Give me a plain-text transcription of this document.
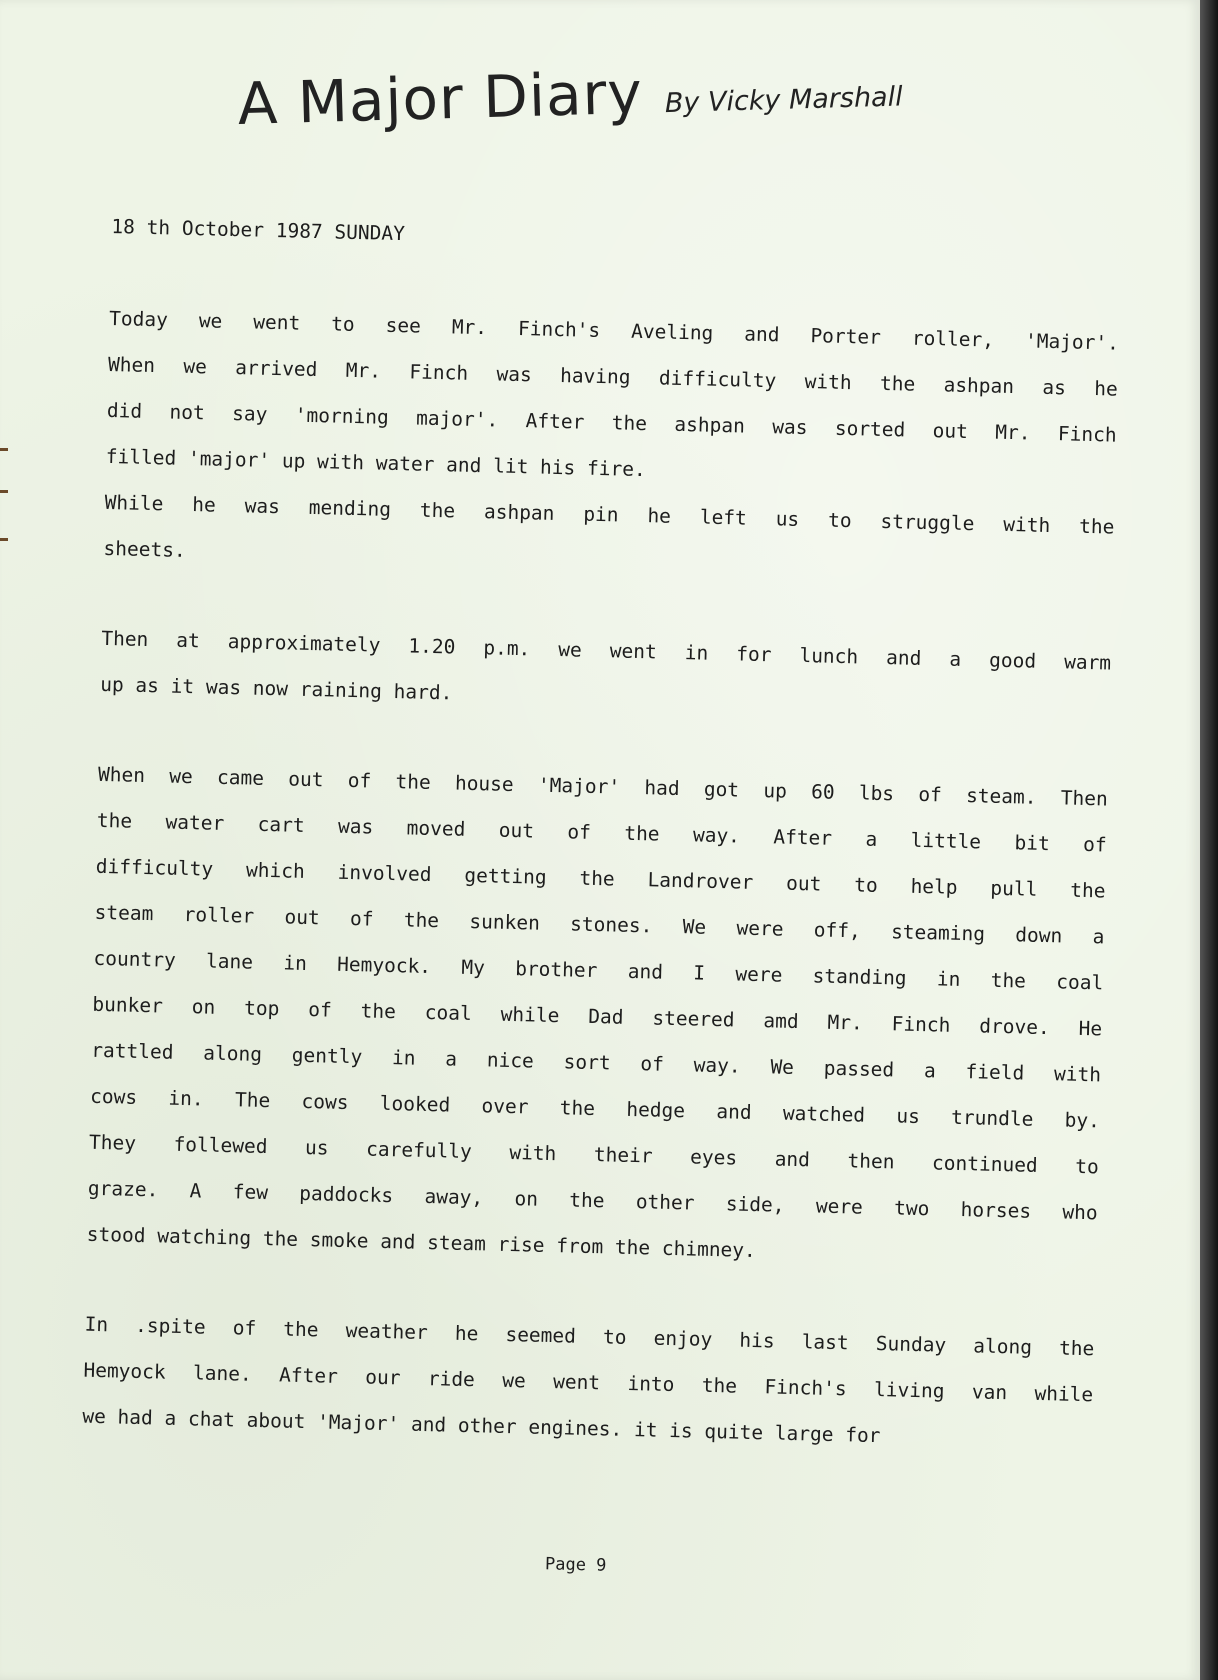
A Major Diary By Vicky Marshall
18 th October 1987 SUNDAY
Today we went to see Mr. Finch's Aveling and Porter roller, 'Major'.
When we arrived Mr. Finch was having difficulty with the ashpan as he
did not say 'morning major'. After the ashpan was sorted out Mr. Finch
filled 'major' up with water and lit his fire.
While he was mending the ashpan pin he left us to struggle with the
sheets.
Then at approximately 1.20 p.m. we went in for lunch and a good warm
up as it was now raining hard.
When we came out of the house 'Major' had got up 60 lbs of steam. Then
the water cart was moved out of the way. After a little bit of
difficulty which involved getting the Landrover out to help pull the
steam roller out of the sunken stones. We were off, steaming down a
country lane in Hemyock. My brother and I were standing in the coal
bunker on top of the coal while Dad steered amd Mr. Finch drove. He
rattled along gently in a nice sort of way. We passed a field with
cows in. The cows looked over the hedge and watched us trundle by.
They follewed us carefully with their eyes and then continued to
graze. A few paddocks away, on the other side, were two horses who
stood watching the smoke and steam rise from the chimney.
In .spite of the weather he seemed to enjoy his last Sunday along the
Hemyock lane. After our ride we went into the Finch's living van while
we had a chat about 'Major' and other engines. it is quite large for
Page 9
